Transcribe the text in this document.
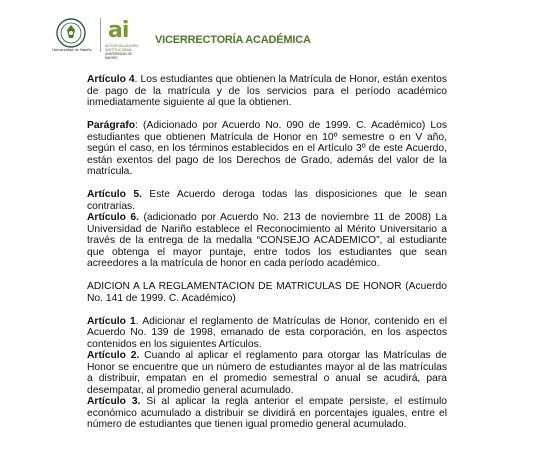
Universidad de Nariño
ai
AUTOEVALUACIÓN INSTITUCIONAL
UNIVERSIDAD DE NARIÑO
VICERRECTORÍA ACADÉMICA

Artículo 4. Los estudiantes que obtienen la Matrícula de Honor, están exentos de pago de la matrícula y de los servicios para el período académico inmediatamente siguiente al que la obtienen.

Parágrafo: (Adicionado por Acuerdo No. 090 de 1999. C. Académico) Los estudiantes que obtienen Matrícula de Honor en 10º semestre o en V año, según el caso, en los términos establecidos en el Artículo 3º de este Acuerdo, están exentos del pago de los Derechos de Grado, además del valor de la matrícula.

Artículo 5. Este Acuerdo deroga todas las disposiciones que le sean contrarias.

Artículo 6. (adicionado por Acuerdo No. 213 de noviembre 11 de 2008) La Universidad de Nariño establece el Reconocimiento al Mérito Universitario a través de la entrega de la medalla “CONSEJO ACADEMICO”, al estudiante que obtenga el mayor puntaje, entre todos los estudiantes que sean acreedores a la matrícula de honor en cada período académico.

ADICION A LA REGLAMENTACION DE MATRICULAS DE HONOR (Acuerdo No. 141 de 1999. C. Académico)

Artículo 1. Adicionar el reglamento de Matrículas de Honor, contenido en el Acuerdo No. 139 de 1998, emanado de esta corporación, en los aspectos contenidos en los siguientes Artículos.

Artículo 2. Cuando al aplicar el reglamento para otorgar las Matrículas de Honor se encuentre que un número de estudiantes mayor al de las matrículas a distribuir, empatan en el promedio semestral o anual se acudirá, para desempatar, al promedio general acumulado.

Artículo 3. Si al aplicar la regla anterior el empate persiste, el estímulo económico acumulado a distribuir se dividirá en porcentajes iguales, entre el número de estudiantes que tienen igual promedio general acumulado.
